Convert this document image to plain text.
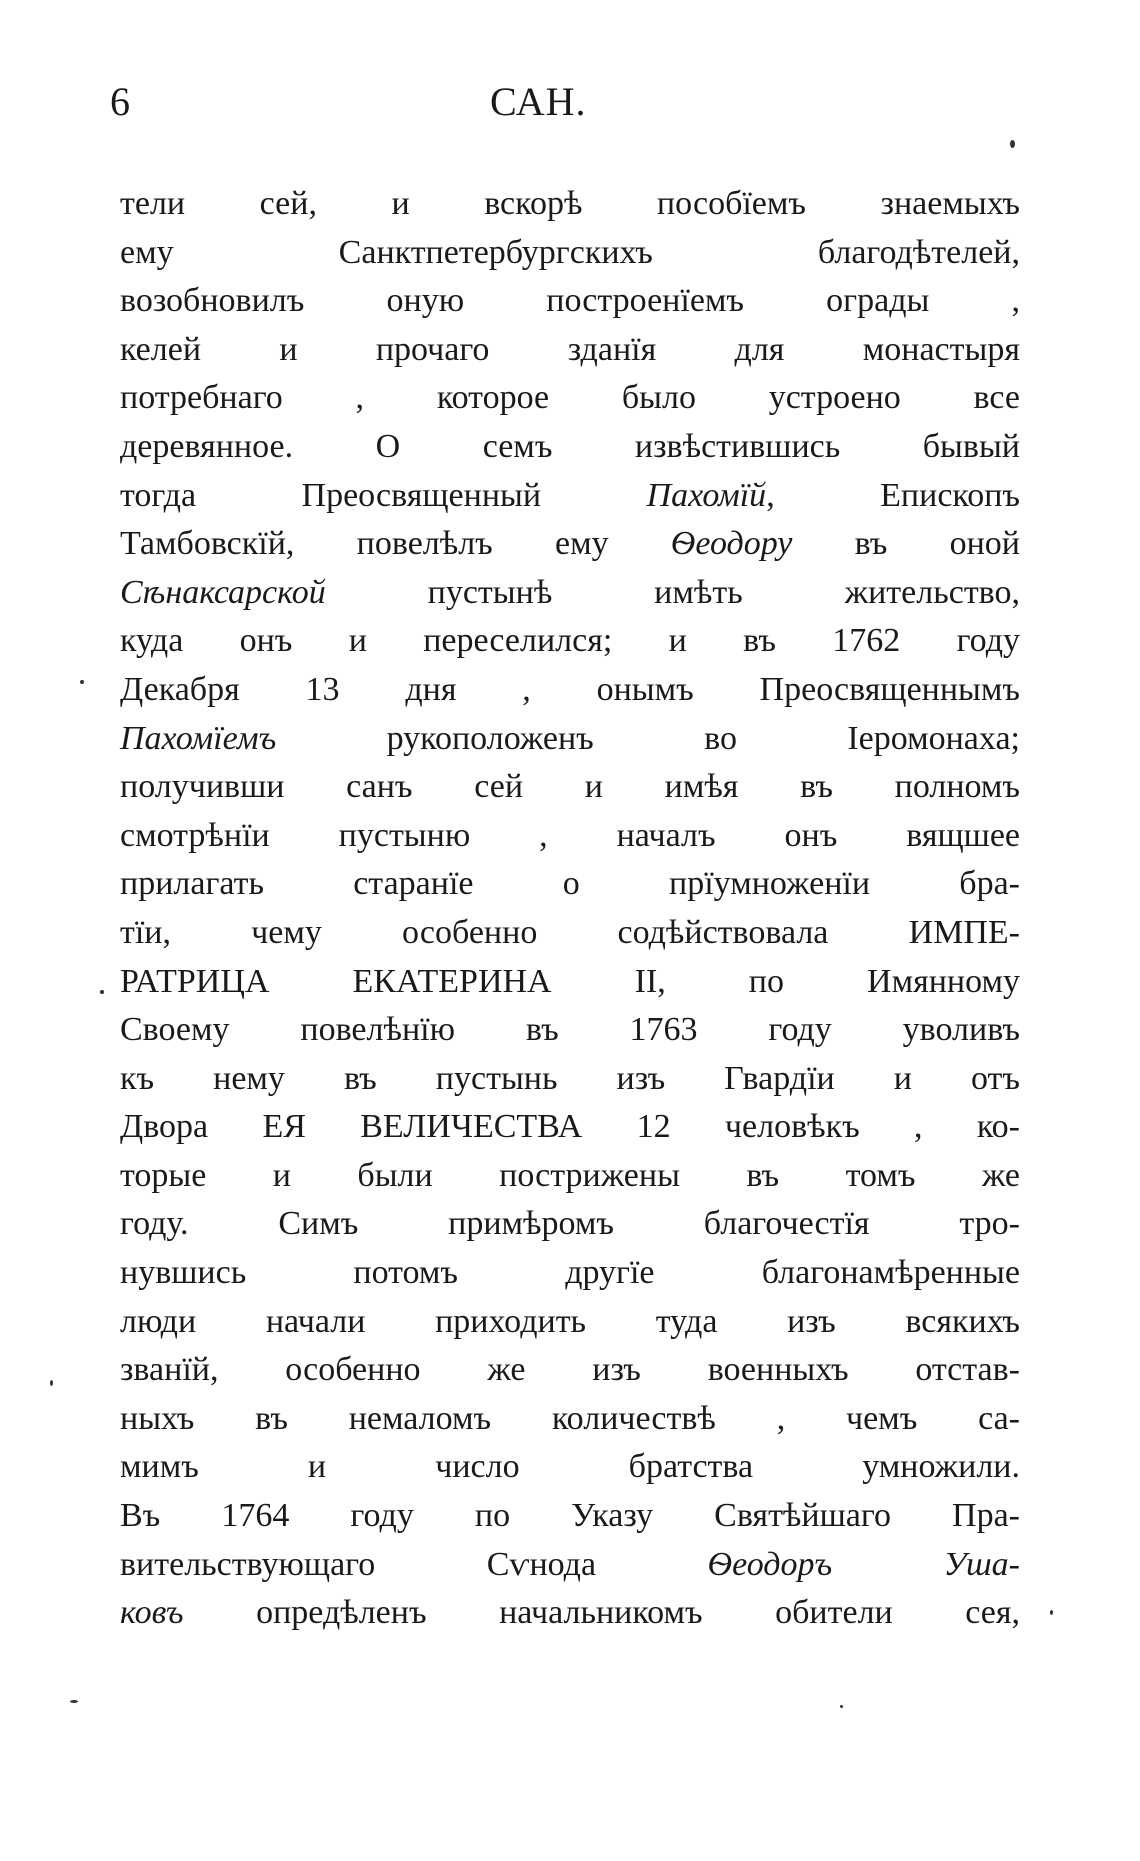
6	САН.
тели сей, и вскорѣ пособїемъ знаемыхъ
ему Санктпетербургскихъ благодѣтелей,
возобновилъ оную построенїемъ ограды ,
келей и прочаго зданїя для монастыря
потребнаго , которое было устроено все
деревянное. О семъ извѣстившись бывый
тогда Преосвященный Пахомїй, Епископъ
Тамбовскїй, повелѣлъ ему Ѳеодору въ оной
Сѣнаксарской пустынѣ имѣть жительство,
куда онъ и переселился; и въ 1762 году
Декабря 13 дня , онымъ Преосвященнымъ
Пахомїемъ рукоположенъ во Iеромонаха;
получивши санъ сей и имѣя въ полномъ
смотрѣнїи пустыню , началъ онъ вящшее
прилагать старанїе о прїумноженїи бра-
тїи, чему особенно содѣйствовала ИМПЕ-
РАТРИЦА ЕКАТЕРИНА II, по Имянному
Своему повелѣнїю въ 1763 году уволивъ
къ нему въ пустынь изъ Гвардїи и отъ
Двора ЕЯ ВЕЛИЧЕСТВА 12 человѣкъ , ко-
торые и были пострижены въ томъ же
году. Симъ примѣромъ благочестїя тро-
нувшись потомъ другїе благонамѣренные
люди начали приходить туда изъ всякихъ
званїй, особенно же изъ военныхъ отстав-
ныхъ въ немаломъ количествѣ , чемъ са-
мимъ и число братства умножили.
Въ 1764 году по Указу Святѣйшаго Пра-
вительствующаго Сѵнода Ѳеодоръ Уша-
ковъ опредѣленъ начальникомъ обители сея,
